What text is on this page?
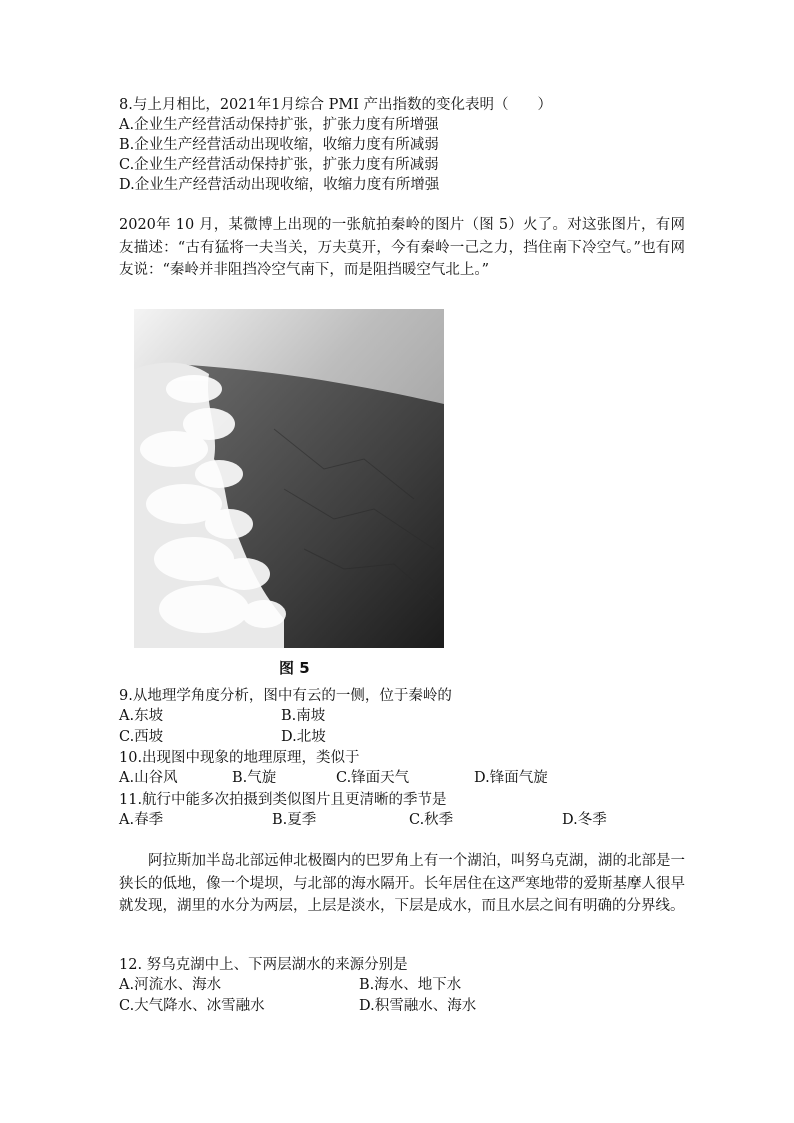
8.与上月相比，2021年1月综合 PMI 产出指数的变化表明（　　）
A.企业生产经营活动保持扩张，扩张力度有所增强
B.企业生产经营活动出现收缩，收缩力度有所减弱
C.企业生产经营活动保持扩张，扩张力度有所减弱
D.企业生产经营活动出现收缩，收缩力度有所增强
2020年 10 月，某微博上出现的一张航拍秦岭的图片（图 5）火了。对这张图片，有网友描述：“古有猛将一夫当关，万夫莫开，今有秦岭一己之力，挡住南下冷空气。”也有网友说：“秦岭并非阻挡冷空气南下，而是阻挡暖空气北上。”
图 5
9.从地理学角度分析，图中有云的一侧，位于秦岭的
A.东坡	B.南坡
C.西坡	D.北坡
10.出现图中现象的地理原理，类似于
A.山谷风	B.气旋	C.锋面天气	D.锋面气旋
11.航行中能多次拍摄到类似图片且更清晰的季节是
A.春季	B.夏季	C.秋季	D.冬季
阿拉斯加半岛北部远伸北极圈内的巴罗角上有一个湖泊，叫努乌克湖，湖的北部是一狭长的低地，像一个堤坝，与北部的海水隔开。长年居住在这严寒地带的爱斯基摩人很早就发现，湖里的水分为两层，上层是淡水，下层是成水，而且水层之间有明确的分界线。
12. 努乌克湖中上、下两层湖水的来源分别是
A.河流水、海水	B.海水、地下水
C.大气降水、冰雪融水	D.积雪融水、海水
